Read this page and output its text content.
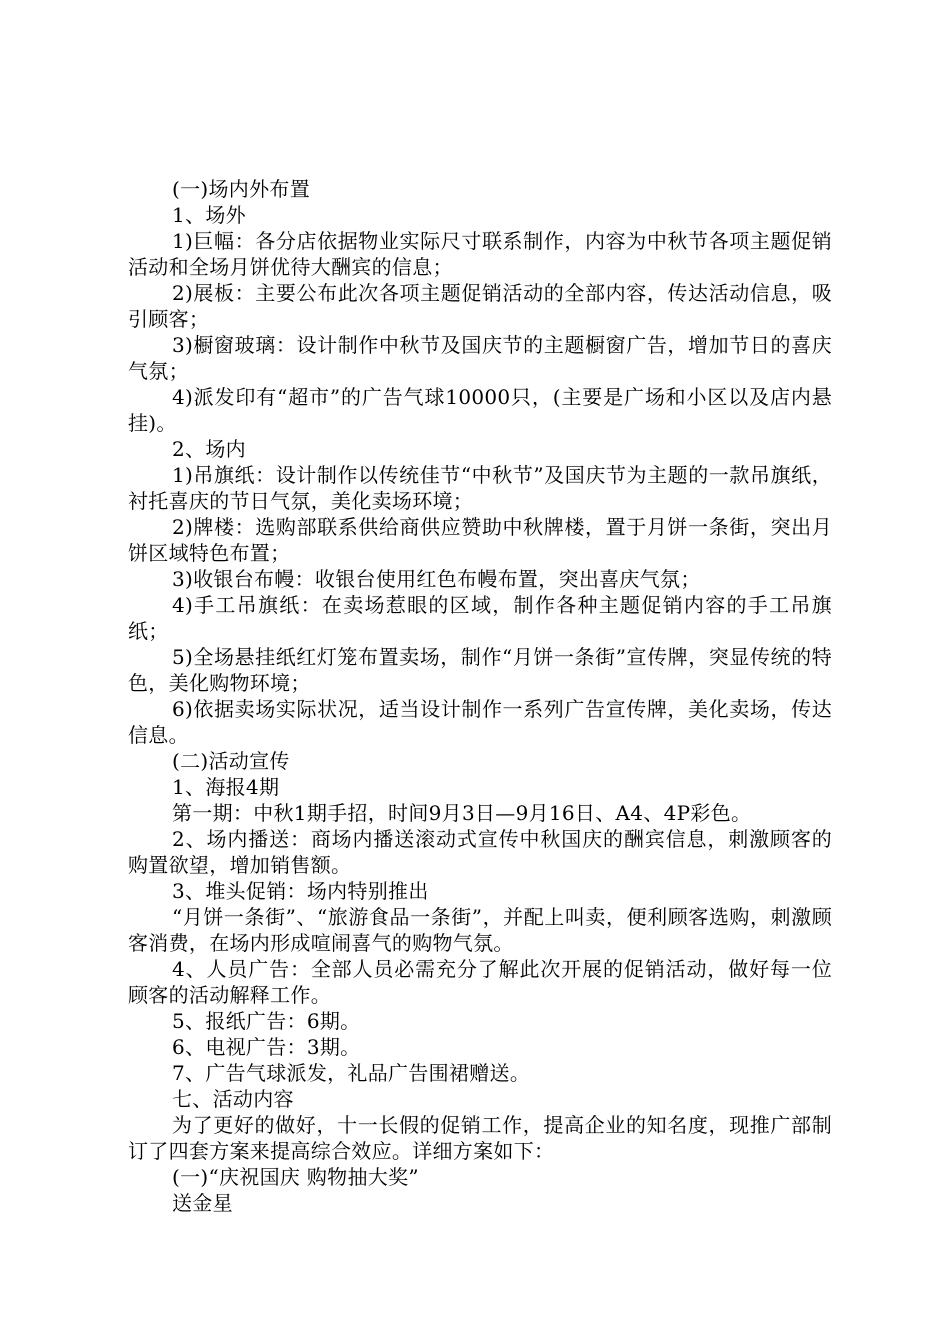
(一)场内外布置

1、场外

1)巨幅：各分店依据物业实际尺寸联系制作，内容为中秋节各项主题促销活动和全场月饼优待大酬宾的信息；

2)展板：主要公布此次各项主题促销活动的全部内容，传达活动信息，吸引顾客；

3)橱窗玻璃：设计制作中秋节及国庆节的主题橱窗广告，增加节日的喜庆气氛；

4)派发印有“超市”的广告气球10000只，(主要是广场和小区以及店内悬挂)。

2、场内

1)吊旗纸：设计制作以传统佳节“中秋节”及国庆节为主题的一款吊旗纸，衬托喜庆的节日气氛，美化卖场环境；

2)牌楼：选购部联系供给商供应赞助中秋牌楼，置于月饼一条街，突出月饼区域特色布置；

3)收银台布幔：收银台使用红色布幔布置，突出喜庆气氛；

4)手工吊旗纸：在卖场惹眼的区域，制作各种主题促销内容的手工吊旗纸；

5)全场悬挂纸红灯笼布置卖场，制作“月饼一条街”宣传牌，突显传统的特色，美化购物环境；

6)依据卖场实际状况，适当设计制作一系列广告宣传牌，美化卖场，传达信息。

(二)活动宣传

1、海报4期

第一期：中秋1期手招，时间9月3日—9月16日、A4、4P彩色。

2、场内播送：商场内播送滚动式宣传中秋国庆的酬宾信息，刺激顾客的购置欲望，增加销售额。

3、堆头促销：场内特别推出

“月饼一条街”、“旅游食品一条街”，并配上叫卖，便利顾客选购，刺激顾客消费，在场内形成喧闹喜气的购物气氛。

4、人员广告：全部人员必需充分了解此次开展的促销活动，做好每一位顾客的活动解释工作。

5、报纸广告：6期。

6、电视广告：3期。

7、广告气球派发，礼品广告围裙赠送。

七、活动内容

为了更好的做好，十一长假的促销工作，提高企业的知名度，现推广部制订了四套方案来提高综合效应。详细方案如下：

(一)“庆祝国庆 购物抽大奖”

送金星
